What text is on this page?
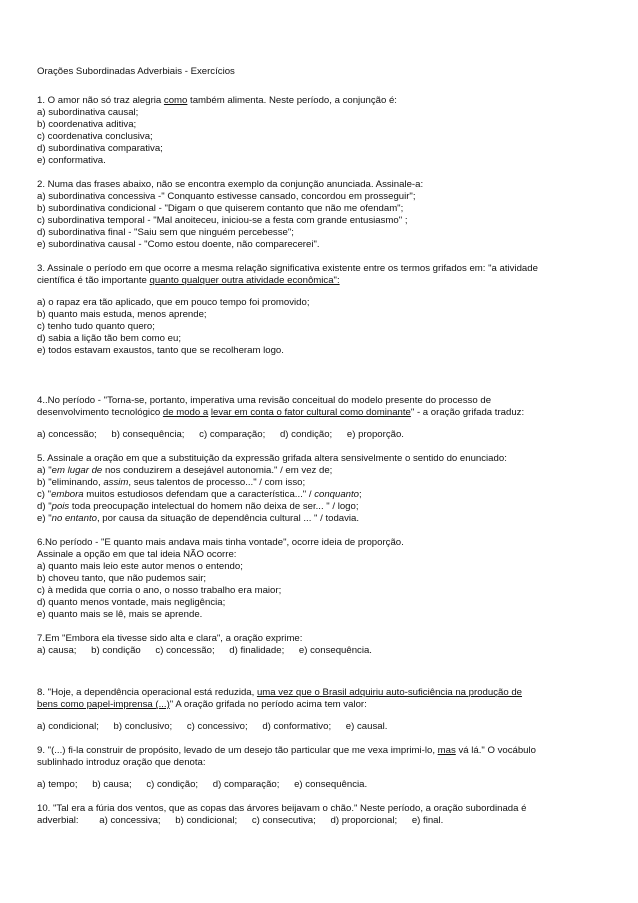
Orações Subordinadas Adverbiais - Exercícios
1. O amor não só traz alegria como também alimenta. Neste período, a conjunção é:
a) subordinativa causal;
b) coordenativa aditiva;
c) coordenativa conclusiva;
d) subordinativa comparativa;
e) conformativa.
2. Numa das frases abaixo, não se encontra exemplo da conjunção anunciada. Assinale-a:
a) subordinativa concessiva -" Conquanto estivesse cansado, concordou em prosseguir";
b) subordinativa condicional - "Digam o que quiserem contanto que não me ofendam";
c) subordinativa temporal - "Mal anoiteceu, iniciou-se a festa com grande entusiasmo" ;
d) subordinativa final - "Saiu sem que ninguém percebesse";
e) subordinativa causal - "Como estou doente, não comparecerei".
3. Assinale o período em que ocorre a mesma relação significativa existente entre os termos grifados em: "a atividade
científica é tão importante quanto qualquer outra atividade econômica":
a) o rapaz era tão aplicado, que em pouco tempo foi promovido;
b) quanto mais estuda, menos aprende;
c) tenho tudo quanto quero;
d) sabia a lição tão bem como eu;
e) todos estavam exaustos, tanto que se recolheram logo.
4..No período - "Torna-se, portanto, imperativa uma revisão conceitual do modelo presente do processo de
desenvolvimento tecnológico de modo a levar em conta o fator cultural como dominante" - a oração grifada traduz:
a) concessão; b) consequência; c) comparação; d) condição; e) proporção.
5. Assinale a oração em que a substituição da expressão grifada altera sensivelmente o sentido do enunciado:
a) "em lugar de nos conduzirem a desejável autonomia." / em vez de;
b) "eliminando, assim, seus talentos de processo..." / com isso;
c) "embora muitos estudiosos defendam que a característica..." / conquanto;
d) "pois toda preocupação intelectual do homem não deixa de ser... " / logo;
e) "no entanto, por causa da situação de dependência cultural ... " / todavia.
6.No período - "E quanto mais andava mais tinha vontade", ocorre ideia de proporção.
Assinale a opção em que tal ideia NÃO ocorre:
a) quanto mais leio este autor menos o entendo;
b) choveu tanto, que não pudemos sair;
c) à medida que corria o ano, o nosso trabalho era maior;
d) quanto menos vontade, mais negligência;
e) quanto mais se lê, mais se aprende.
7.Em "Embora ela tivesse sido alta e clara", a oração exprime:
a) causa; b) condição c) concessão; d) finalidade; e) consequência.
8. "Hoje, a dependência operacional está reduzida, uma vez que o Brasil adquiriu auto-suficiência na produção de
bens como papel-imprensa (...)" A oração grifada no período acima tem valor:
a) condicional; b) conclusivo; c) concessivo; d) conformativo; e) causal.
9. "(...) fi-la construir de propósito, levado de um desejo tão particular que me vexa imprimi-lo, mas vá lá." O vocábulo
sublinhado introduz oração que denota:
a) tempo; b) causa; c) condição; d) comparação; e) consequência.
10. "Tal era a fúria dos ventos, que as copas das árvores beijavam o chão." Neste período, a oração subordinada é
adverbial: a) concessiva; b) condicional; c) consecutiva; d) proporcional; e) final.
